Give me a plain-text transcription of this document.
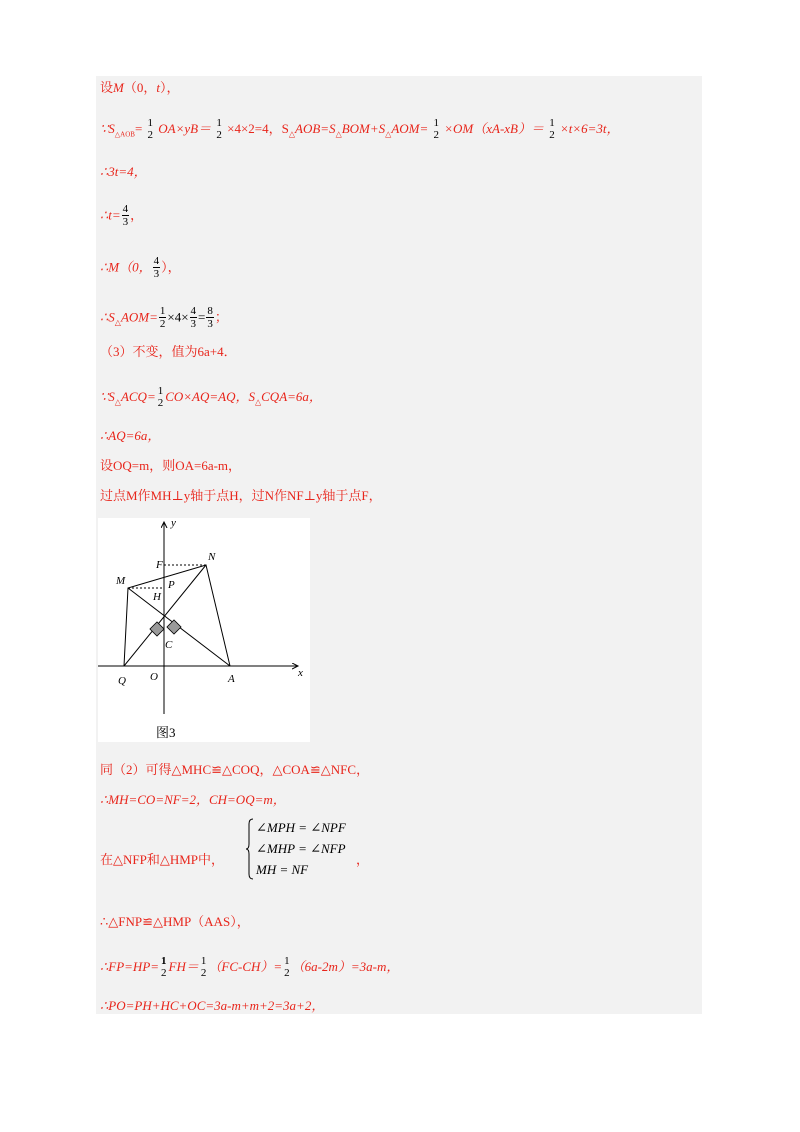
设M（0，t），
$\because S_{\triangle AOB}= 1$
2 OA×yB＝ 1
2 ×4×2=4，$S_\triangle AOB=S_\triangle BOM+S_\triangle AOM= 1$
2 ×OM（xA-xB）＝ 1
2 ×t×6=3t，
∴3t=4，
∴t= $\frac{4}{3}$ ，
∴M（0， $\frac{4}{3}$ ），
$\therefore S_\triangle AOM= \frac{1}{2} \times 4\times \frac{4}{3} = \frac{8}{3}$ ；
（3）不变，值为6a+4．
$\because S_\triangle ACQ= 1$
2 CO×AQ=AQ，$S_\triangle CQA=6a$，
∴AQ=6a，
设OQ=m，则OA=6a-m，
过点M作MH⊥y轴于点H，过N作NF⊥y轴于点F，
y
x
N
F
M	P
H
C
Q O	A
图3
同（2）可得△MHC≌△COQ，△COA≌△NFC，
∴MH=CO=NF=2，CH=OQ=m，
在△NFP和△HMP中，
∠MPH = ∠NPF
∠MHP = ∠NFP
MH = NF
，
∴△FNP≌△HMP（AAS），
∴FP=HP= 1
2 FH＝ 1
2 （FC-CH）= 1
2 （6a-2m）=3a-m，
∴PO=PH+HC+OC=3a-m+m+2=3a+2，
